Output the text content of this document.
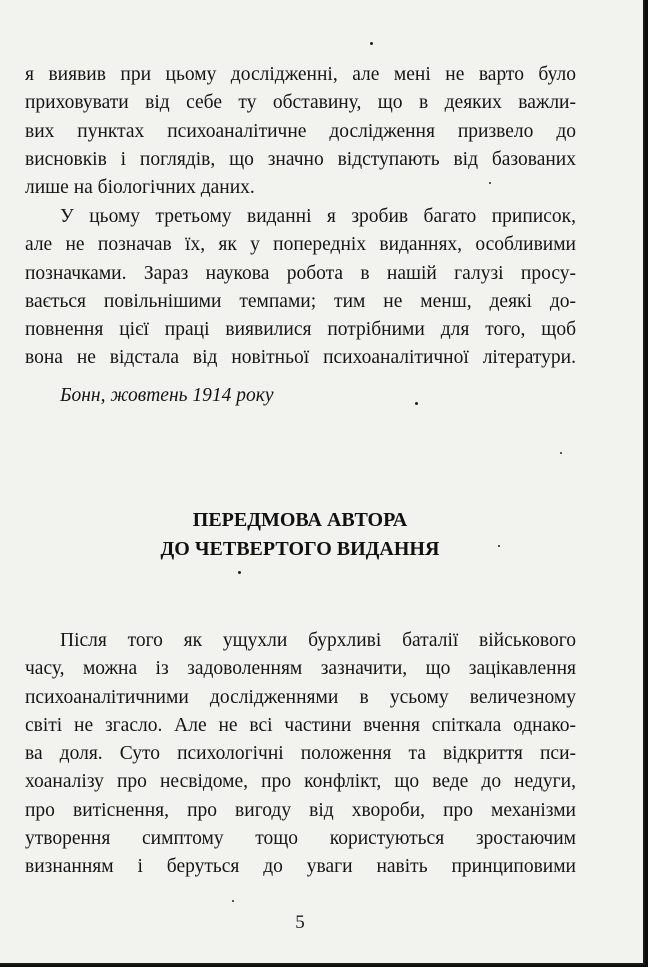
я виявив при цьому дослідженні, але мені не варто було
приховувати від себе ту обставину, що в деяких важли-
вих пунктах психоаналітичне дослідження призвело до
висновків і поглядів, що значно відступають від базованих
лише на біологічних даних.

У цьому третьому виданні я зробив багато приписок,
але не позначав їх, як у попередніх виданнях, особливими
позначками. Зараз наукова робота в нашій галузі просу-
вається повільнішими темпами; тим не менш, деякі до-
повнення цієї праці виявилися потрібними для того, щоб
вона не відстала від новітньої психоаналітичної літератури.

Бонн, жовтень 1914 року

ПЕРЕДМОВА АВТОРА
ДО ЧЕТВЕРТОГО ВИДАННЯ

Після того як ущухли бурхливі баталії військового
часу, можна із задоволенням зазначити, що зацікавлення
психоаналітичними дослідженнями в усьому величезному
світі не згасло. Але не всі частини вчення спіткала однако-
ва доля. Суто психологічні положення та відкриття пси-
хоаналізу про несвідоме, про конфлікт, що веде до недуги,
про витіснення, про вигоду від хвороби, про механізми
утворення симптому тощо користуються зростаючим
визнанням і беруться до уваги навіть принциповими

5
